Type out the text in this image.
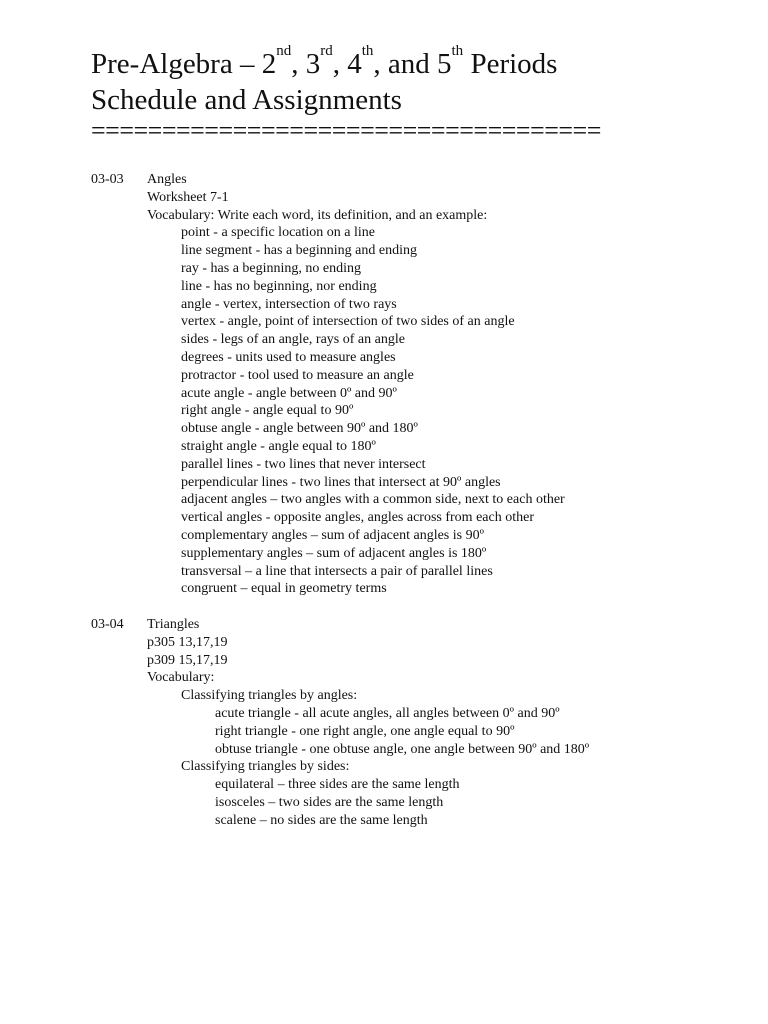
Pre-Algebra – 2nd, 3rd, 4th, and 5th Periods
Schedule and Assignments
====================================
03-03 Angles
Worksheet 7-1
Vocabulary: Write each word, its definition, and an example:
point - a specific location on a line
line segment - has a beginning and ending
ray - has a beginning, no ending
line - has no beginning, nor ending
angle - vertex, intersection of two rays
vertex - angle, point of intersection of two sides of an angle
sides - legs of an angle, rays of an angle
degrees - units used to measure angles
protractor - tool used to measure an angle
acute angle - angle between 0º and 90º
right angle - angle equal to 90º
obtuse angle - angle between 90º and 180º
straight angle - angle equal to 180º
parallel lines - two lines that never intersect
perpendicular lines - two lines that intersect at 90º angles
adjacent angles – two angles with a common side, next to each other
vertical angles - opposite angles, angles across from each other
complementary angles – sum of adjacent angles is 90º
supplementary angles – sum of adjacent angles is 180º
transversal – a line that intersects a pair of parallel lines
congruent – equal in geometry terms
03-04 Triangles
p305 13,17,19
p309 15,17,19
Vocabulary:
Classifying triangles by angles:
acute triangle - all acute angles, all angles between 0º and 90º
right triangle - one right angle, one angle equal to 90º
obtuse triangle - one obtuse angle, one angle between 90º and 180º
Classifying triangles by sides:
equilateral – three sides are the same length
isosceles – two sides are the same length
scalene – no sides are the same length
